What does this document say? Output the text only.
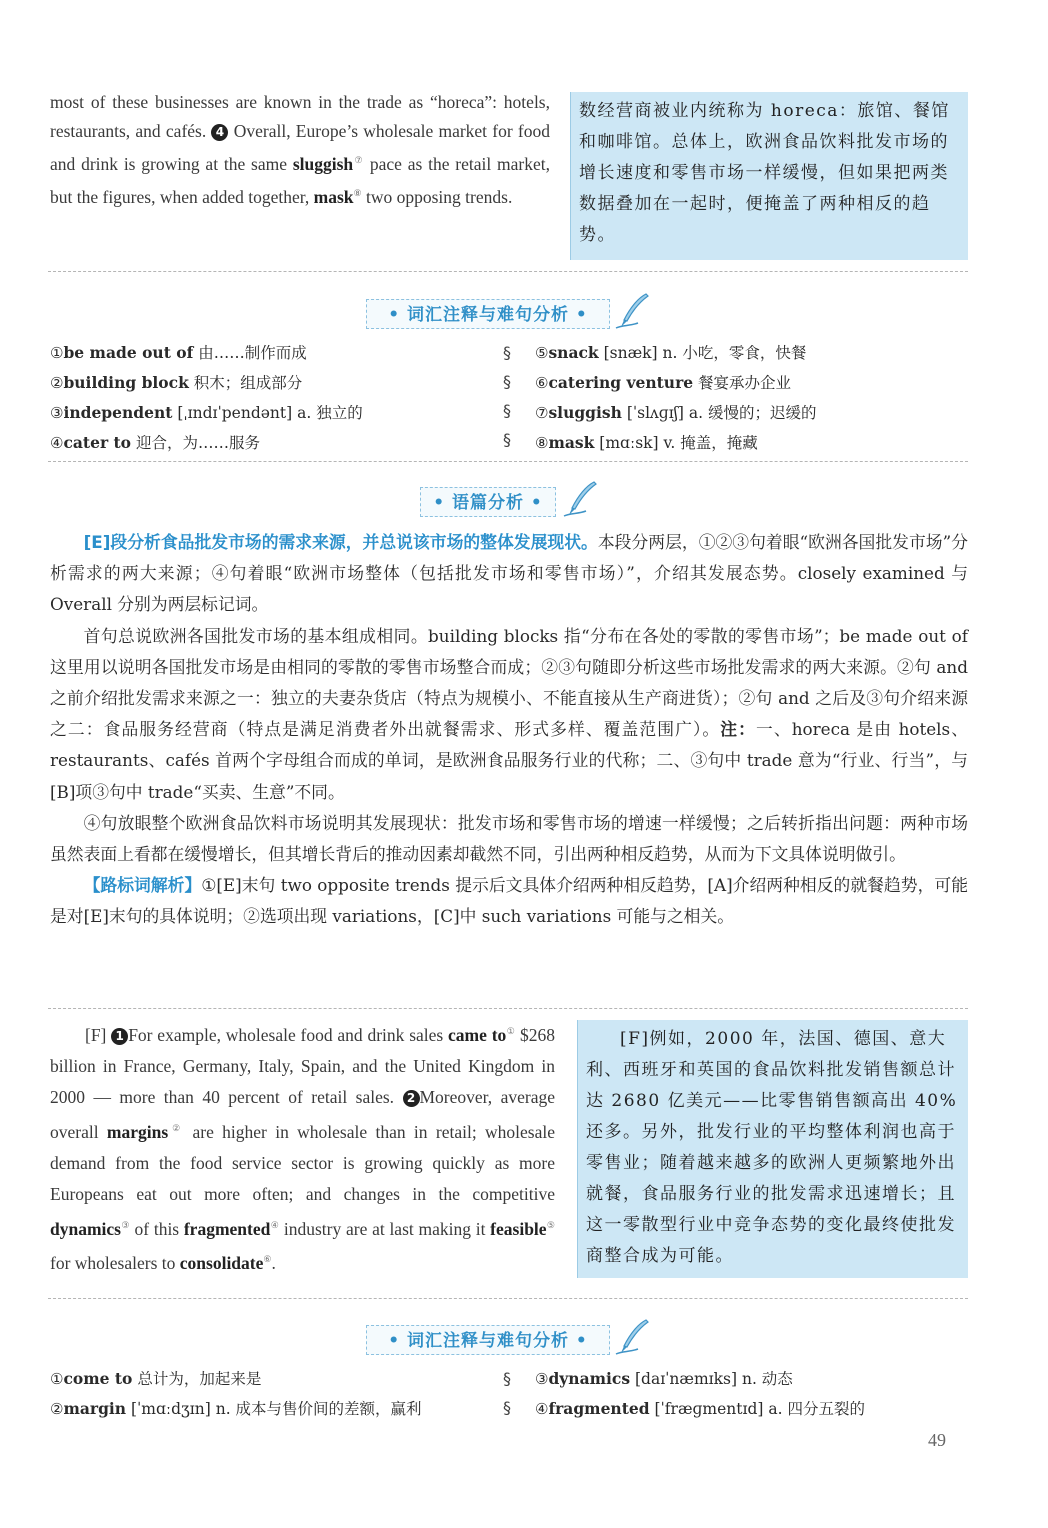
most of these businesses are known in the trade as “horeca”: hotels, restaurants, and cafés. 4 Overall, Europe’s wholesale market for food and drink is growing at the same sluggish⑦ pace as the retail market, but the figures, when added together, mask⑧ two opposing trends.
数经营商被业内统称为 horeca：旅馆、餐馆和咖啡馆。总体上，欧洲食品饮料批发市场的增长速度和零售市场一样缓慢，但如果把两类数据叠加在一起时，便掩盖了两种相反的趋势。
• 词汇注释与难句分析 •
①be made out of 由……制作而成
②building block 积木；组成部分
③independent [ˌɪndɪˈpendənt] a. 独立的
④cater to 迎合，为……服务
§
§
§
§
⑤snack [snæk] n. 小吃，零食，快餐
⑥catering venture 餐宴承办企业
⑦sluggish [ˈslʌɡɪʃ] a. 缓慢的；迟缓的
⑧mask [mɑːsk] v. 掩盖，掩藏
• 语篇分析 •

[E]段分析食品批发市场的需求来源，并总说该市场的整体发展现状。本段分两层，①②③句着眼“欧洲各国批发市场”分析需求的两大来源；④句着眼“欧洲市场整体（包括批发市场和零售市场）”，介绍其发展态势。closely examined 与 Overall 分别为两层标记词。

首句总说欧洲各国批发市场的基本组成相同。building blocks 指“分布在各处的零散的零售市场”；be made out of 这里用以说明各国批发市场是由相同的零散的零售市场整合而成；②③句随即分析这些市场批发需求的两大来源。②句 and 之前介绍批发需求来源之一：独立的夫妻杂货店（特点为规模小、不能直接从生产商进货）；②句 and 之后及③句介绍来源之二：食品服务经营商（特点是满足消费者外出就餐需求、形式多样、覆盖范围广）。注：一、horeca 是由 hotels、restaurants、cafés 首两个字母组合而成的单词，是欧洲食品服务行业的代称；二、③句中 trade 意为“行业、行当”，与[B]项③句中 trade“买卖、生意”不同。

④句放眼整个欧洲食品饮料市场说明其发展现状：批发市场和零售市场的增速一样缓慢；之后转折指出问题：两种市场虽然表面上看都在缓慢增长，但其增长背后的推动因素却截然不同，引出两种相反趋势，从而为下文具体说明做引。

【路标词解析】①[E]末句 two opposite trends 提示后文具体介绍两种相反趋势，[A]介绍两种相反的就餐趋势，可能是对[E]末句的具体说明；②选项出现 variations，[C]中 such variations 可能与之相关。

[F] 1 For example, wholesale food and drink sales came to① $268 billion in France, Germany, Italy, Spain, and the United Kingdom in 2000 — more than 40 percent of retail sales. 2 Moreover, average overall margins② are higher in wholesale than in retail; wholesale demand from the food service sector is growing quickly as more Europeans eat out more often; and changes in the competitive dynamics③ of this fragmented④ industry are at last making it feasible⑤ for wholesalers to consolidate⑥.
[F]例如，2000 年，法国、德国、意大利、西班牙和英国的食品饮料批发销售额总计达 2680 亿美元——比零售销售额高出 40%还多。另外，批发行业的平均整体利润也高于零售业；随着越来越多的欧洲人更频繁地外出就餐，食品服务行业的批发需求迅速增长；且这一零散型行业中竞争态势的变化最终使批发商整合成为可能。
• 词汇注释与难句分析 •
①come to 总计为，加起来是
②margin [ˈmɑːdʒɪn] n. 成本与售价间的差额，赢利
§
§
③dynamics [daɪˈnæmɪks] n. 动态
④fragmented [ˈfræɡmentɪd] a. 四分五裂的
49
